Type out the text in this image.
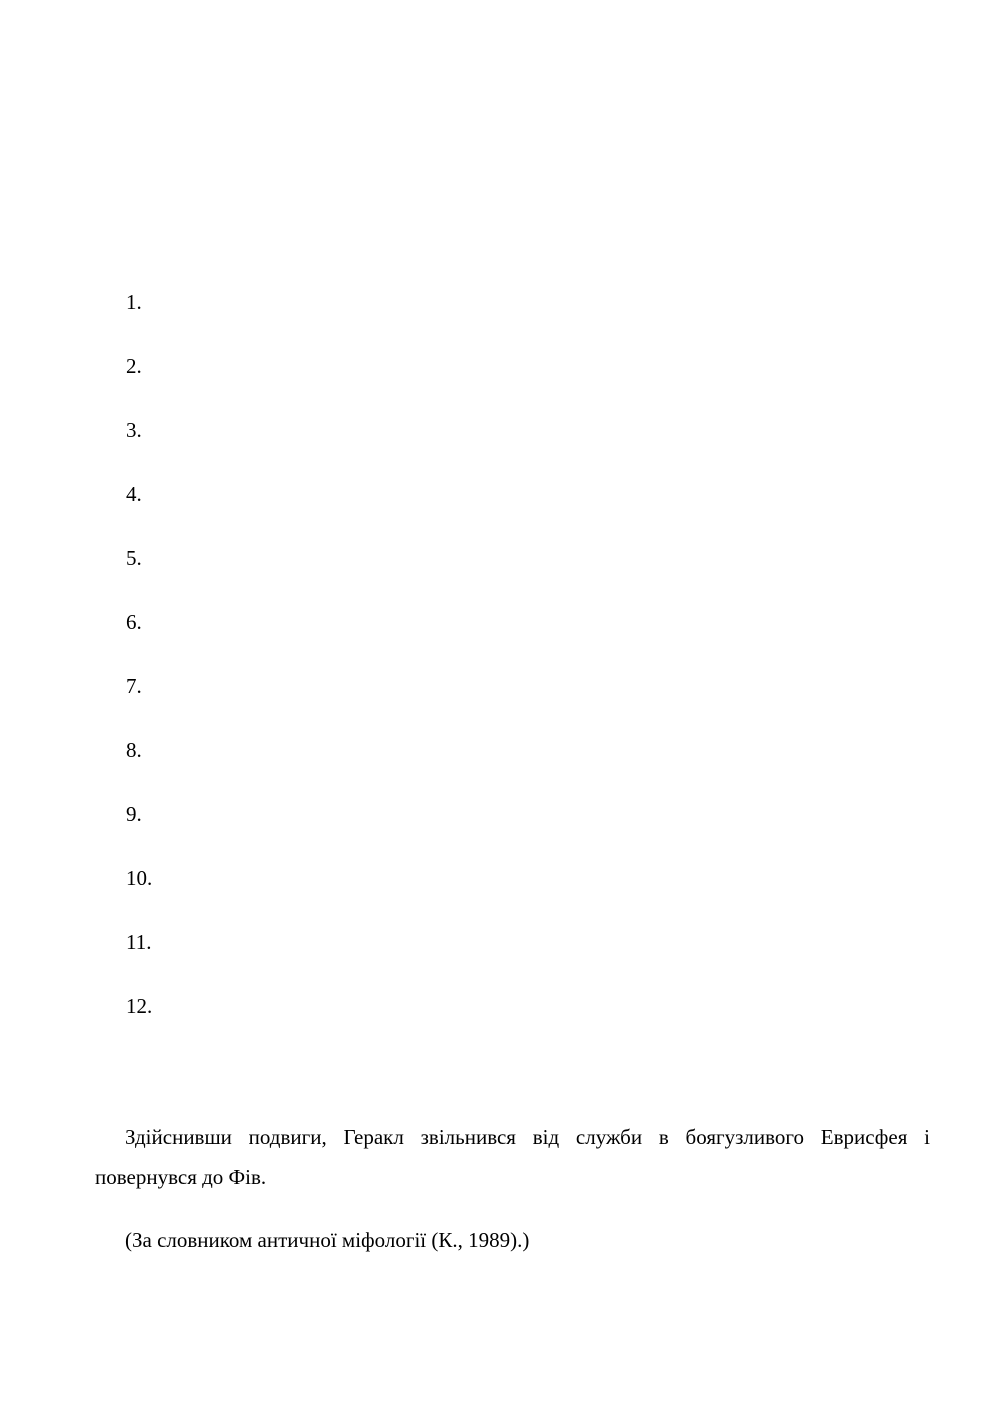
1.
2.
3.
4.
5.
6.
7.
8.
9.
10.
11.
12.

Здійснивши подвиги, Геракл звільнився від служби в боягузливого Еврисфея і повернувся до Фів.

(За словником античної міфології (К., 1989).)
